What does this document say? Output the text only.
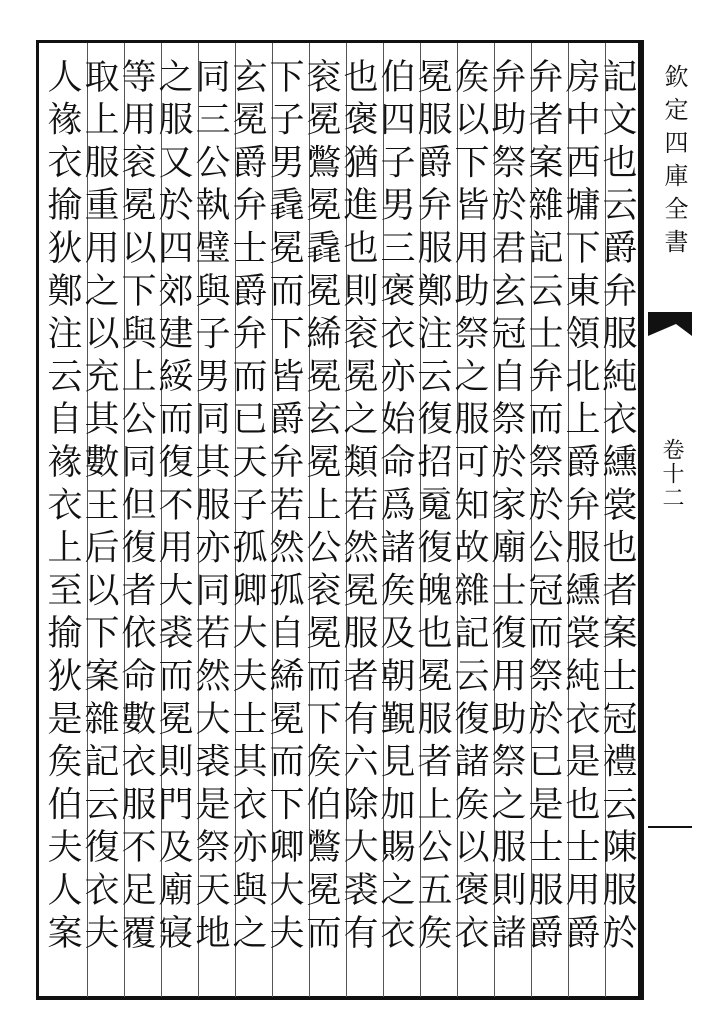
記文也云爵弁服純衣纁裳也者案士冠禮云陳服於
房中西墉下東領北上爵弁服纁裳純衣是也士用爵
弁者案雜記云士弁而祭於公冠而祭於已是士服爵
弁助祭於君玄冠自祭於家廟士復用助祭之服則諸
矦以下皆用助祭之服可知故雜記云復諸矦以褒衣
冕服爵弁服鄭注云復招䰟復魄也冕服者上公五矦
伯四子男三褒衣亦始命爲諸矦及朝覲見加賜之衣
也褒猶進也則衮冕之類若然冕服者有六除大裘有
衮冕鷩冕毳冕絺冕玄冕上公衮冕而下矦伯鷩冕而
下子男毳冕而下皆爵弁若然孤自絺冕而下卿大夫
玄冕爵弁士爵弁而已天子孤卿大夫士其衣亦與之
同三公執璧與子男同其服亦同若然大裘是祭天地
之服又於四郊建綏而復不用大裘而冕則門及廟寢
等用衮冕以下與上公同但復者依命數衣服不足覆
取上服重用之以充其數王后以下案雜記云復衣夫
人褖衣揄狄鄭注云自褖衣上至揄狄是矦伯夫人案	欽定四庫全書
卷十二
